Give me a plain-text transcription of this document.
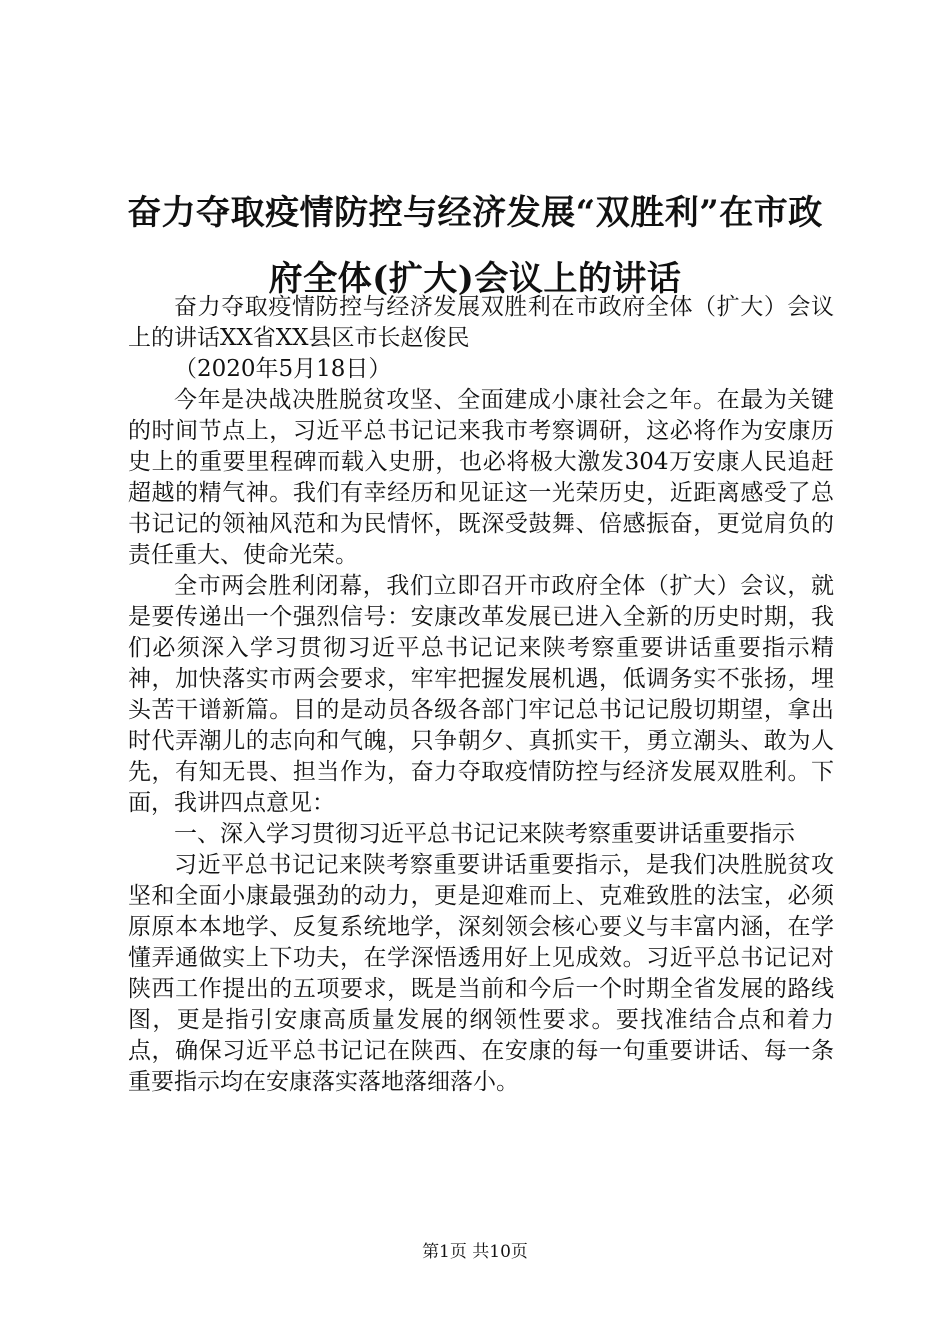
奋力夺取疫情防控与经济发展“双胜利”在市政府全体(扩大)会议上的讲话

奋力夺取疫情防控与经济发展双胜利在市政府全体（扩大）会议上的讲话XX省XX县区市长赵俊民

（2020年5月18日）

今年是决战决胜脱贫攻坚、全面建成小康社会之年。在最为关键的时间节点上，习近平总书记记来我市考察调研，这必将作为安康历史上的重要里程碑而载入史册，也必将极大激发304万安康人民追赶超越的精气神。我们有幸经历和见证这一光荣历史，近距离感受了总书记记的领袖风范和为民情怀，既深受鼓舞、倍感振奋，更觉肩负的责任重大、使命光荣。

全市两会胜利闭幕，我们立即召开市政府全体（扩大）会议，就是要传递出一个强烈信号：安康改革发展已进入全新的历史时期，我们必须深入学习贯彻习近平总书记记来陕考察重要讲话重要指示精神，加快落实市两会要求，牢牢把握发展机遇，低调务实不张扬，埋头苦干谱新篇。目的是动员各级各部门牢记总书记记殷切期望，拿出时代弄潮儿的志向和气魄，只争朝夕、真抓实干，勇立潮头、敢为人先，有知无畏、担当作为，奋力夺取疫情防控与经济发展双胜利。下面，我讲四点意见：

一、深入学习贯彻习近平总书记记来陕考察重要讲话重要指示

习近平总书记记来陕考察重要讲话重要指示，是我们决胜脱贫攻坚和全面小康最强劲的动力，更是迎难而上、克难致胜的法宝，必须原原本本地学、反复系统地学，深刻领会核心要义与丰富内涵，在学懂弄通做实上下功夫，在学深悟透用好上见成效。习近平总书记记对陕西工作提出的五项要求，既是当前和今后一个时期全省发展的路线图，更是指引安康高质量发展的纲领性要求。要找准结合点和着力点，确保习近平总书记记在陕西、在安康的每一句重要讲话、每一条重要指示均在安康落实落地落细落小。

第1页 共10页
